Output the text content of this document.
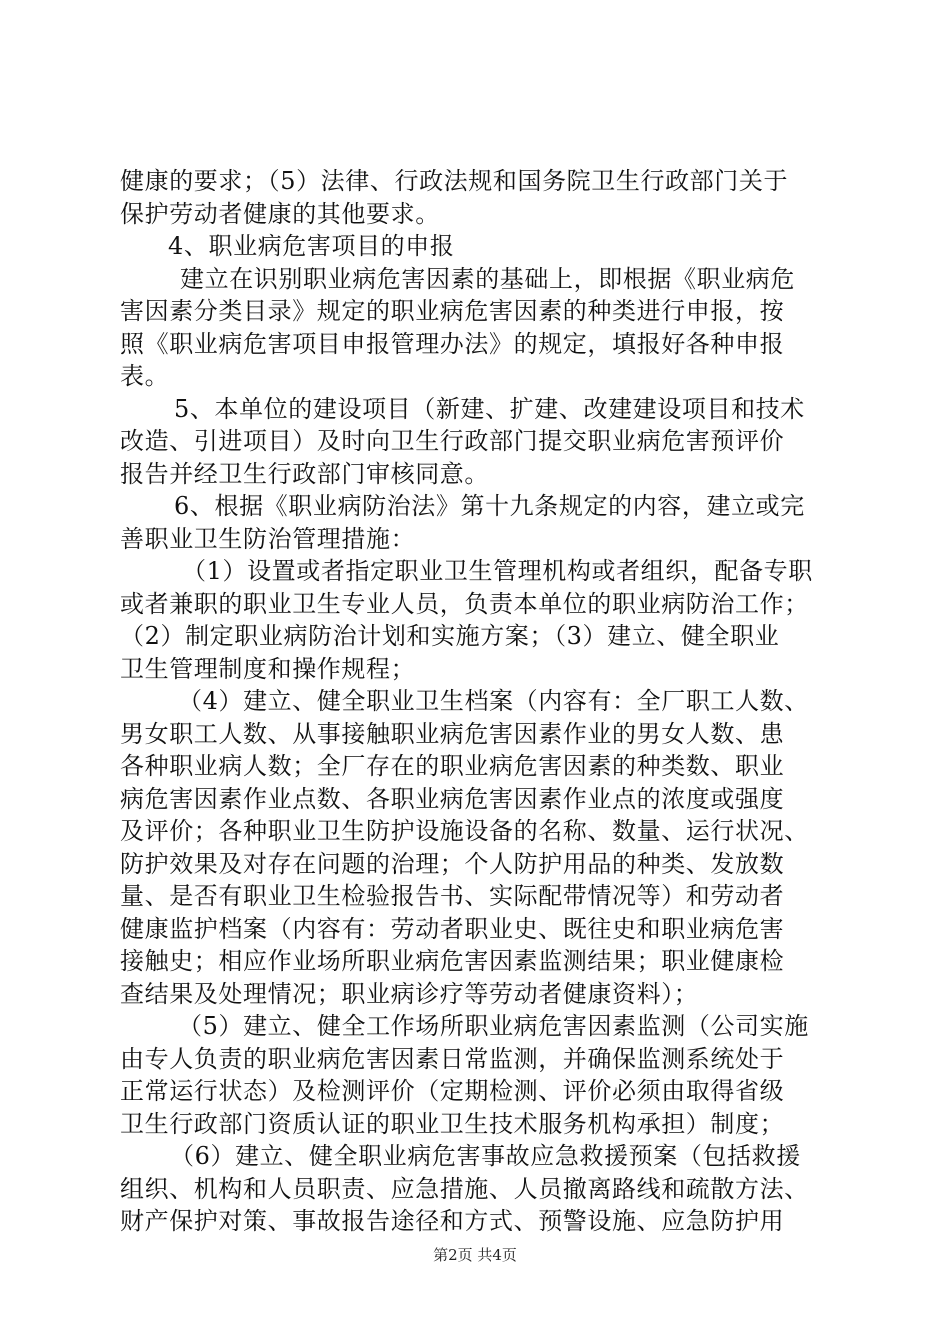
健康的要求；（5）法律、行政法规和国务院卫生行政部门关于
保护劳动者健康的其他要求。
4、职业病危害项目的申报
建立在识别职业病危害因素的基础上，即根据《职业病危
害因素分类目录》规定的职业病危害因素的种类进行申报，按
照《职业病危害项目申报管理办法》的规定，填报好各种申报
表。
5、本单位的建设项目（新建、扩建、改建建设项目和技术
改造、引进项目）及时向卫生行政部门提交职业病危害预评价
报告并经卫生行政部门审核同意。
6、根据《职业病防治法》第十九条规定的内容，建立或完
善职业卫生防治管理措施：
（1）设置或者指定职业卫生管理机构或者组织，配备专职
或者兼职的职业卫生专业人员，负责本单位的职业病防治工作；
（2）制定职业病防治计划和实施方案；（3）建立、健全职业
卫生管理制度和操作规程；
（4）建立、健全职业卫生档案（内容有：全厂职工人数、
男女职工人数、从事接触职业病危害因素作业的男女人数、患
各种职业病人数；全厂存在的职业病危害因素的种类数、职业
病危害因素作业点数、各职业病危害因素作业点的浓度或强度
及评价；各种职业卫生防护设施设备的名称、数量、运行状况、
防护效果及对存在问题的治理；个人防护用品的种类、发放数
量、是否有职业卫生检验报告书、实际配带情况等）和劳动者
健康监护档案（内容有：劳动者职业史、既往史和职业病危害
接触史；相应作业场所职业病危害因素监测结果；职业健康检
查结果及处理情况；职业病诊疗等劳动者健康资料）；
（5）建立、健全工作场所职业病危害因素监测（公司实施
由专人负责的职业病危害因素日常监测，并确保监测系统处于
正常运行状态）及检测评价（定期检测、评价必须由取得省级
卫生行政部门资质认证的职业卫生技术服务机构承担）制度；
（6）建立、健全职业病危害事故应急救援预案（包括救援
组织、机构和人员职责、应急措施、人员撤离路线和疏散方法、
财产保护对策、事故报告途径和方式、预警设施、应急防护用
第2页 共4页
